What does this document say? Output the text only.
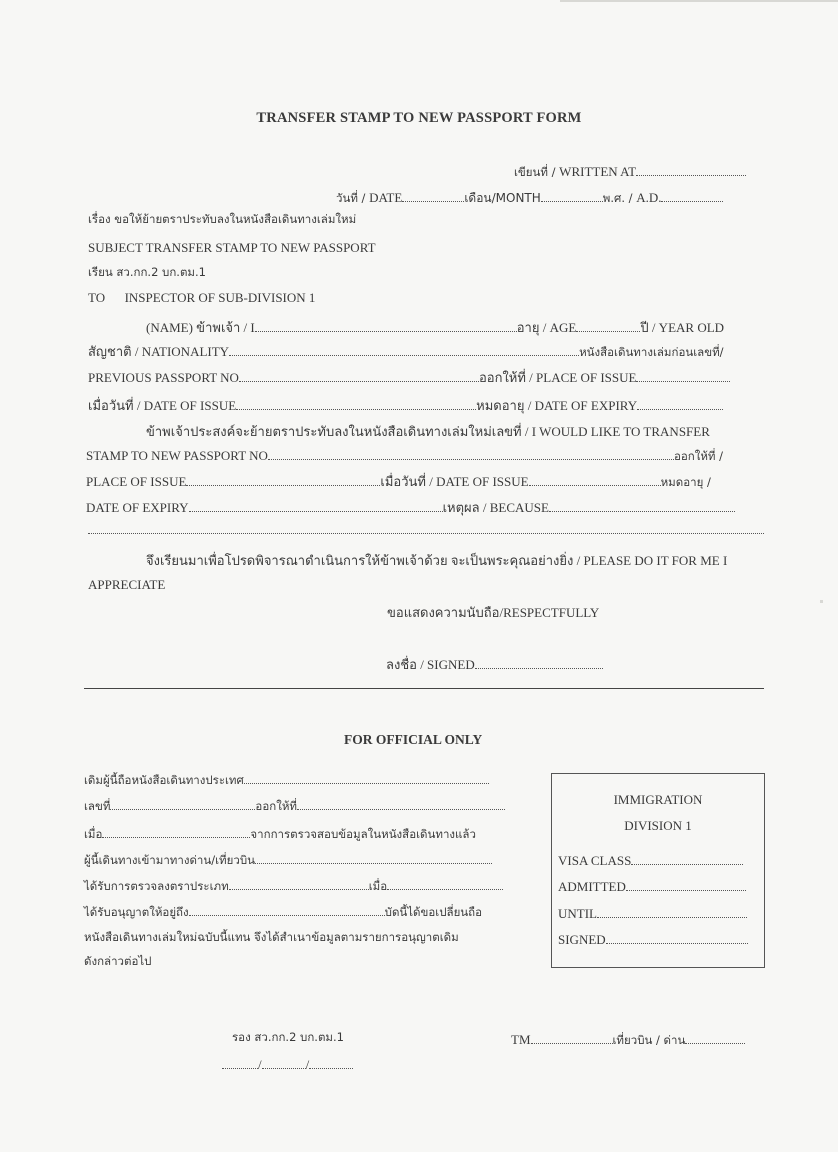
TRANSFER STAMP TO NEW PASSPORT FORM
เขียนที่ / WRITTEN AT
วันที่ / DATE	เดือน/MONTH	พ.ศ. / A.D.
เรื่อง ขอให้ย้ายตราประทับลงในหนังสือเดินทางเล่มใหม่
SUBJECT TRANSFER STAMP TO NEW PASSPORT
เรียน สว.กก.2 บก.ตม.1
TO      INSPECTOR OF SUB-DIVISION 1
(NAME) ข้าพเจ้า / I	อายุ / AGE	ปี / YEAR OLD
สัญชาติ / NATIONALITY	หนังสือเดินทางเล่มก่อนเลขที่/
PREVIOUS PASSPORT NO	ออกให้ที่ / PLACE OF ISSUE
เมื่อวันที่ / DATE OF ISSUE	หมดอายุ / DATE OF EXPIRY
ข้าพเจ้าประสงค์จะย้ายตราประทับลงในหนังสือเดินทางเล่มใหม่เลขที่ / I WOULD LIKE TO TRANSFER
STAMP TO NEW PASSPORT NO	ออกให้ที่ /
PLACE OF ISSUE	เมื่อวันที่ / DATE OF ISSUE	หมดอายุ /
DATE OF EXPIRY	เหตุผล / BECAUSE
จึงเรียนมาเพื่อโปรดพิจารณาดำเนินการให้ข้าพเจ้าด้วย จะเป็นพระคุณอย่างยิ่ง / PLEASE DO IT FOR ME I
APPRECIATE
ขอแสดงความนับถือ/RESPECTFULLY
ลงชื่อ / SIGNED
FOR OFFICIAL ONLY
เดิมผู้นี้ถือหนังสือเดินทางประเทศ
เลขที่	ออกให้ที่
เมื่อ	จากการตรวจสอบข้อมูลในหนังสือเดินทางแล้ว
ผู้นี้เดินทางเข้ามาทางด่าน/เที่ยวบิน
ได้รับการตรวจลงตราประเภท	เมื่อ
ได้รับอนุญาตให้อยู่ถึง	บัดนี้ได้ขอเปลี่ยนถือ
หนังสือเดินทางเล่มใหม่ฉบับนี้แทน จึงได้สำเนาข้อมูลตามรายการอนุญาตเดิม
ดังกล่าวต่อไป
IMMIGRATION
DIVISION 1
VISA CLASS
ADMITTED
UNTIL
SIGNED
รอง สว.กก.2 บก.ตม.1	TM	เที่ยวบิน / ด่าน
/	/
